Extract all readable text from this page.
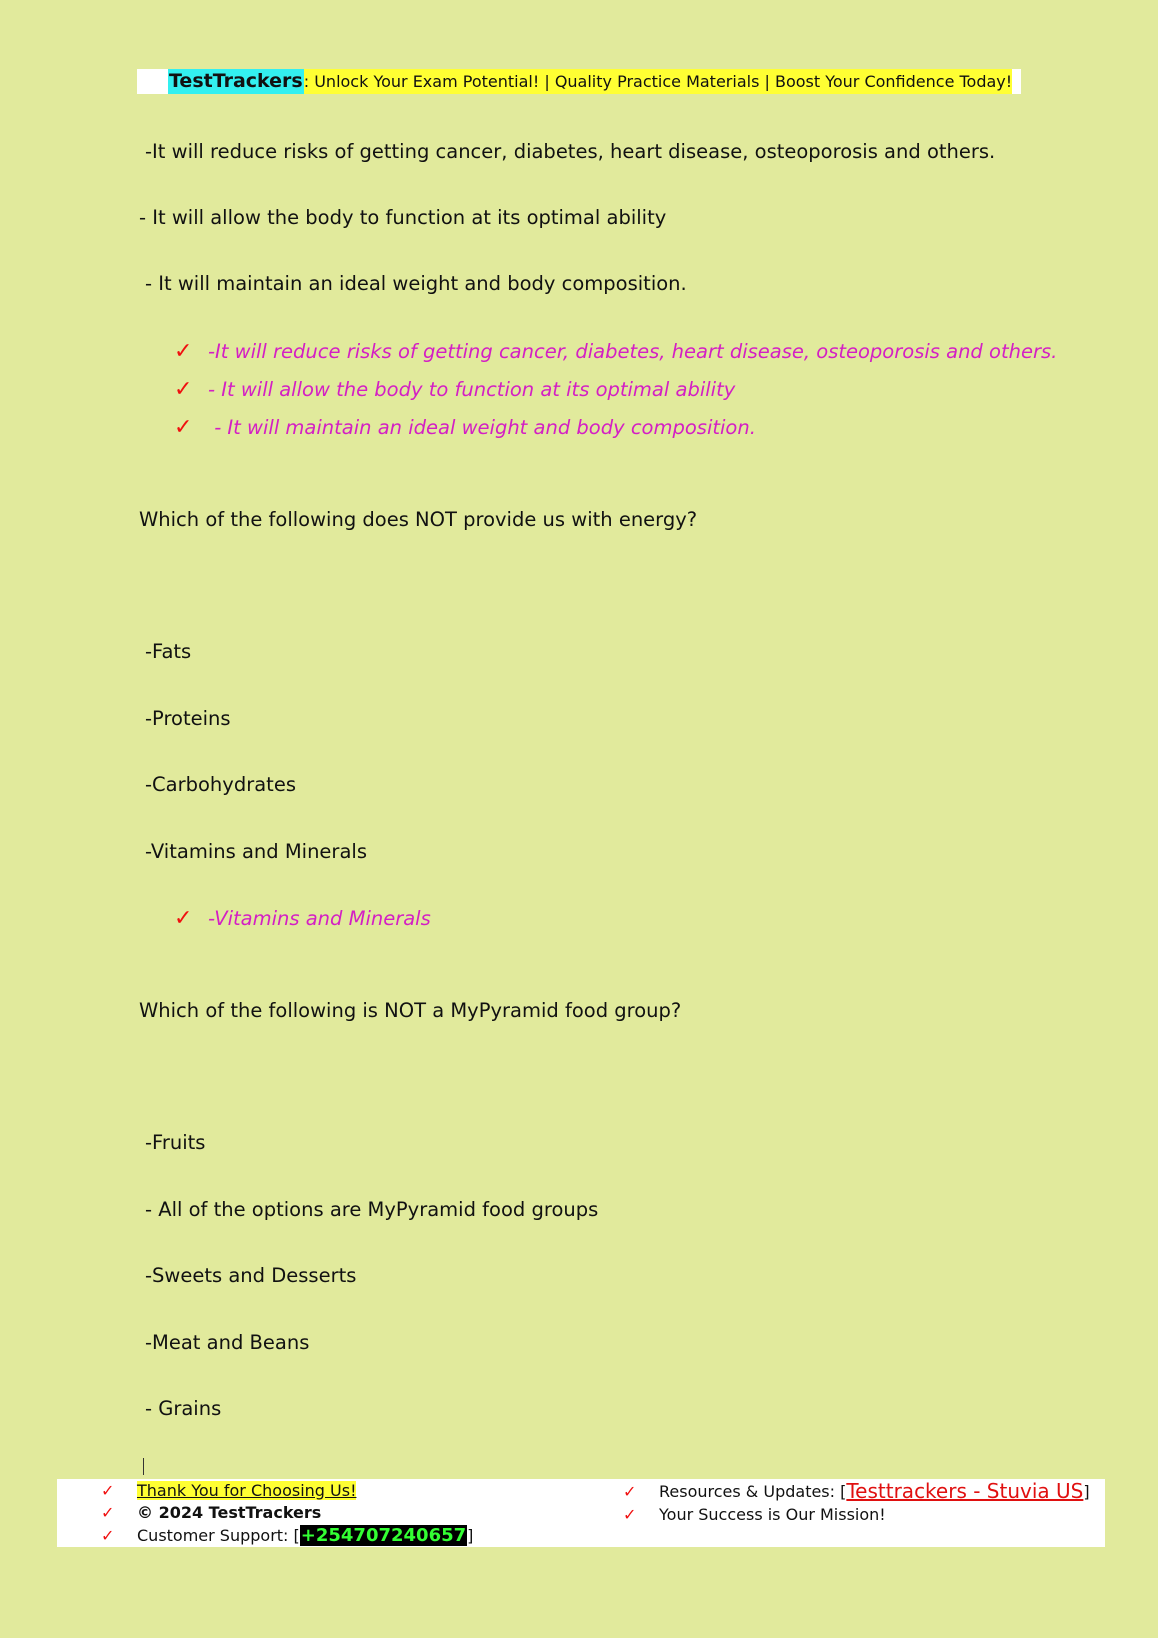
TestTrackers : Unlock Your Exam Potential! | Quality Practice Materials | Boost Your Confidence Today!
-It will reduce risks of getting cancer, diabetes, heart disease, osteoporosis and others.
- It will allow the body to function at its optimal ability
- It will maintain an ideal weight and body composition.
✓ -It will reduce risks of getting cancer, diabetes, heart disease, osteoporosis and others.
✓ - It will allow the body to function at its optimal ability
✓ - It will maintain an ideal weight and body composition.
Which of the following does NOT provide us with energy?
-Fats
-Proteins
-Carbohydrates
-Vitamins and Minerals
✓ -Vitamins and Minerals
Which of the following is NOT a MyPyramid food group?
-Fruits
- All of the options are MyPyramid food groups
-Sweets and Desserts
-Meat and Beans
- Grains
✓	Thank You for Choosing Us!
✓	© 2024 TestTrackers
✓	Customer Support: [ +254707240657 ]
✓	Resources & Updates: [ Testtrackers - Stuvia US ]
✓	Your Success is Our Mission!
